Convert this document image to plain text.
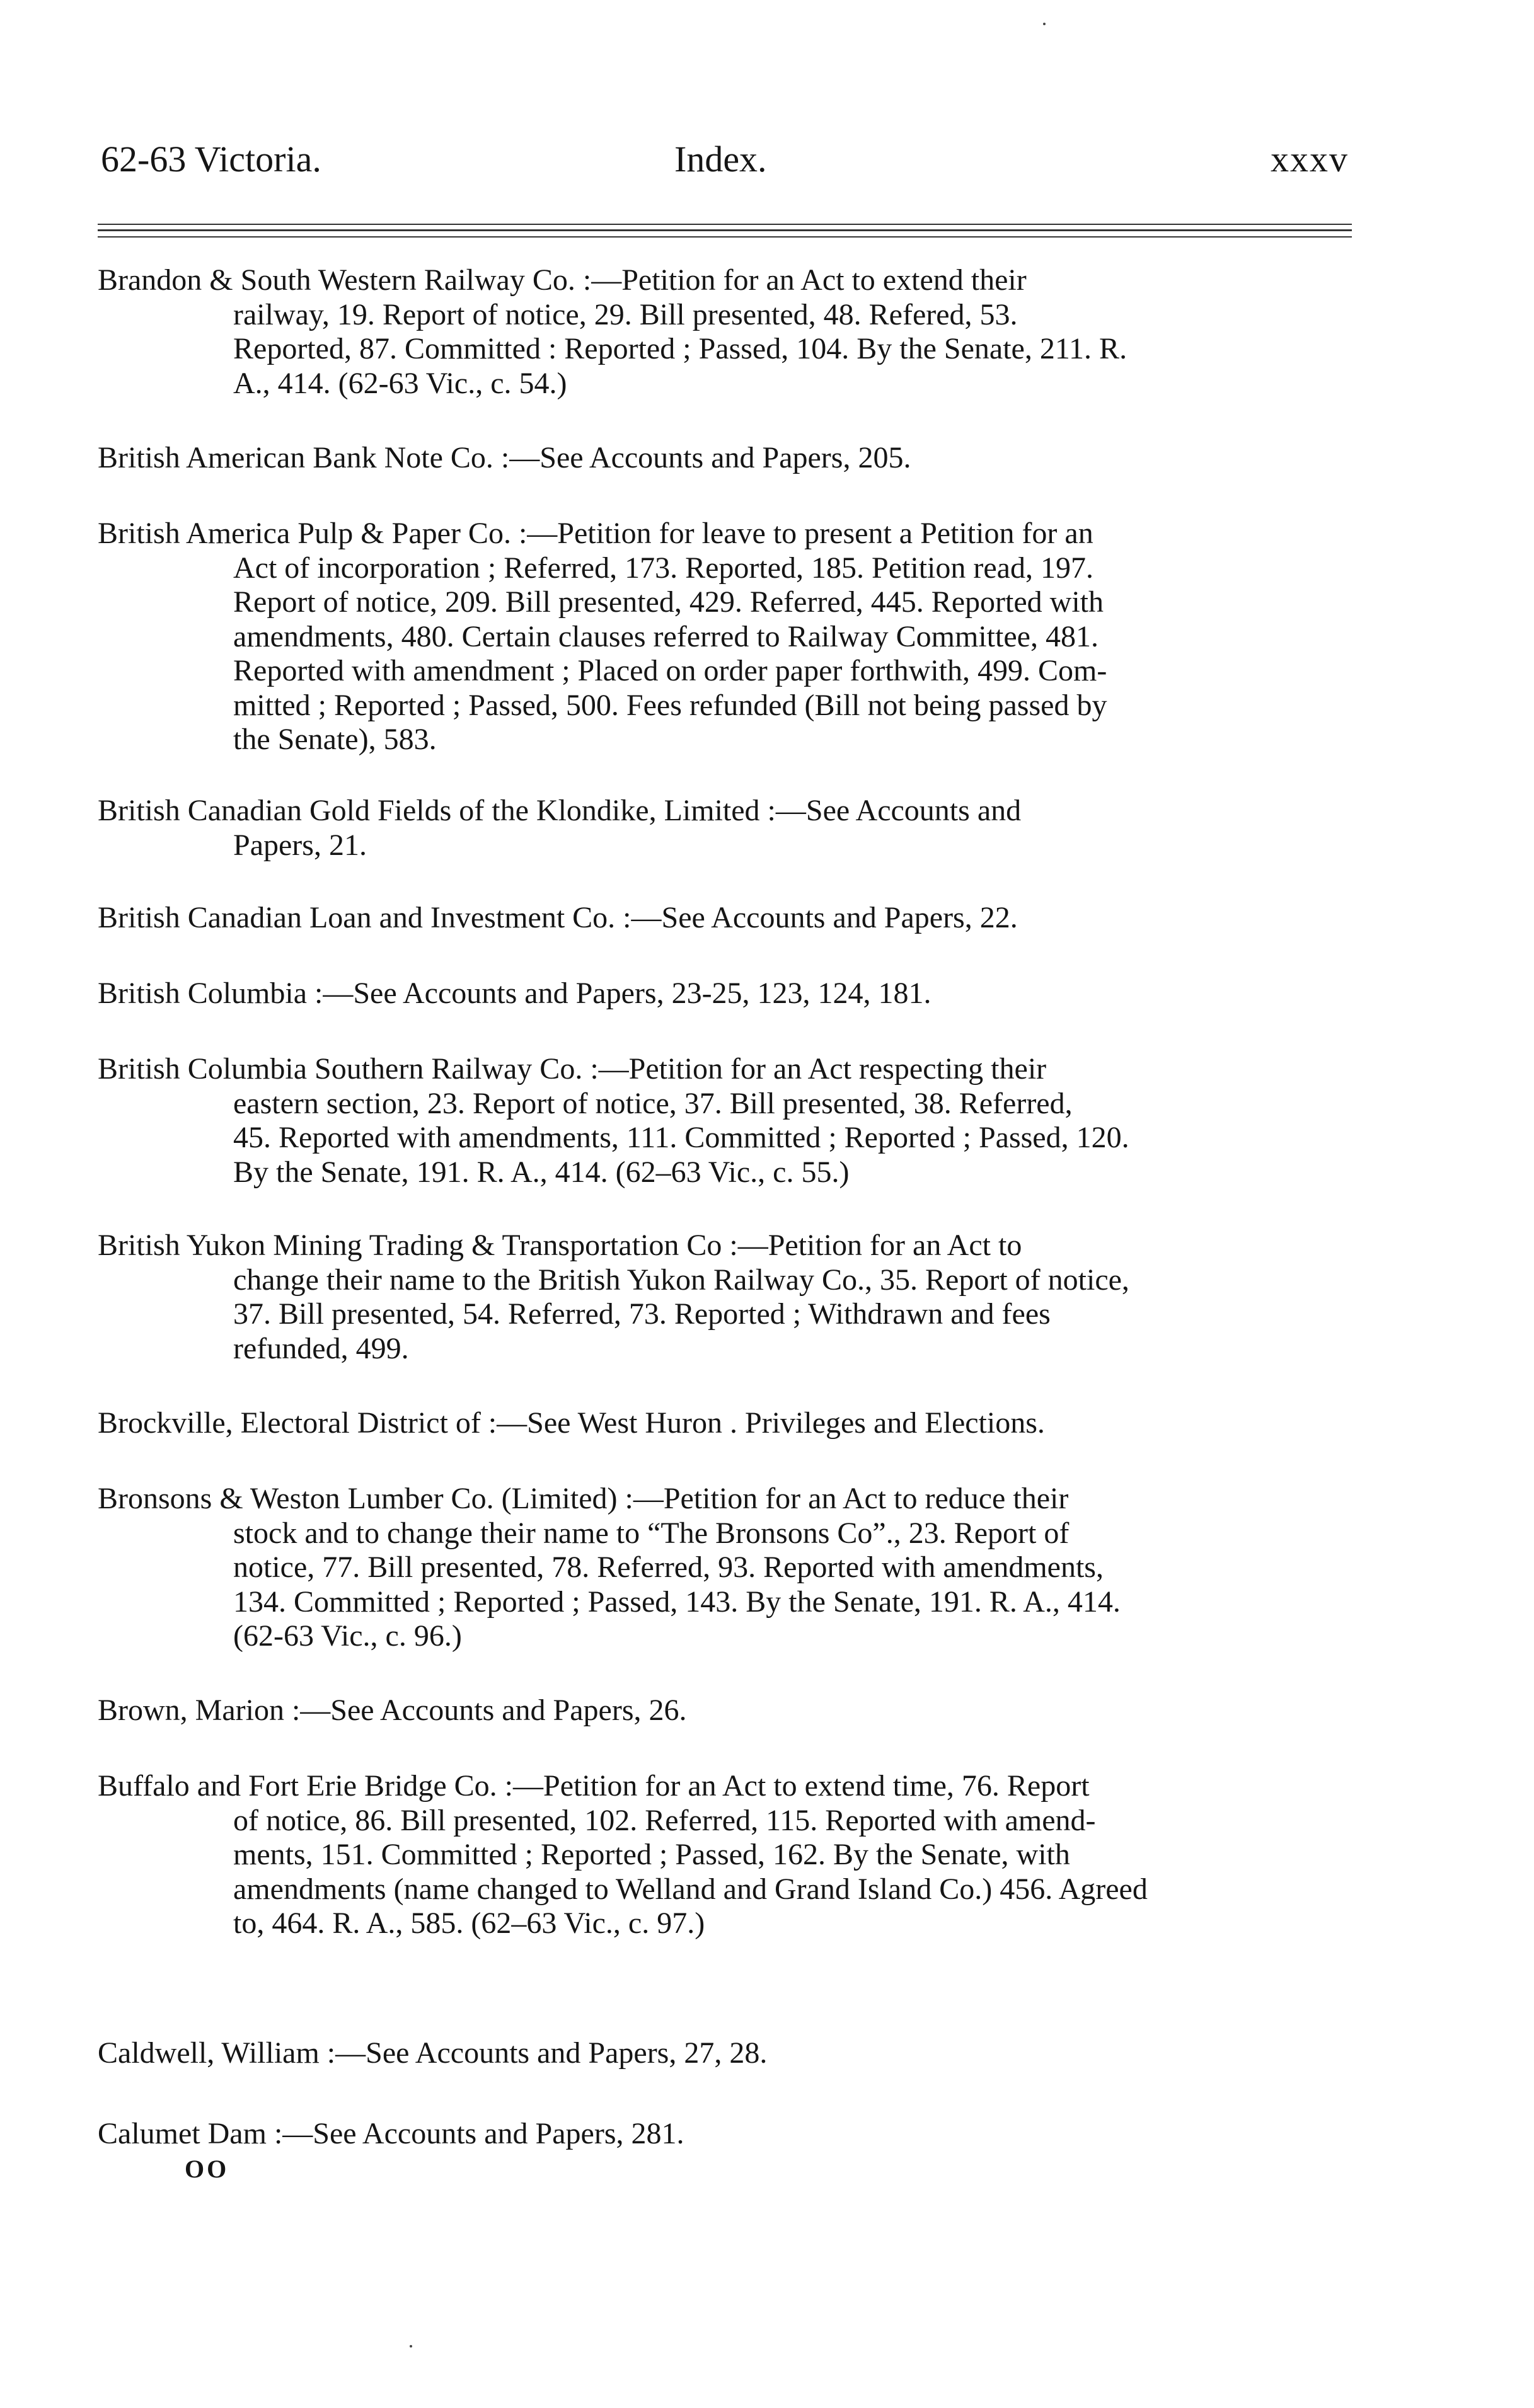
62-63 Victoria.	Index.	xxxv
Brandon & South Western Railway Co. :—Petition for an Act to extend their
railway, 19. Report of notice, 29. Bill presented, 48. Refered, 53.
Reported, 87. Committed : Reported ; Passed, 104. By the Senate, 211. R.
A., 414. (62-63 Vic., c. 54.)
British American Bank Note Co. :—See Accounts and Papers, 205.
British America Pulp & Paper Co. :—Petition for leave to present a Petition for an
Act of incorporation ; Referred, 173. Reported, 185. Petition read, 197.
Report of notice, 209. Bill presented, 429. Referred, 445. Reported with
amendments, 480. Certain clauses referred to Railway Committee, 481.
Reported with amendment ; Placed on order paper forthwith, 499. Com-
mitted ; Reported ; Passed, 500. Fees refunded (Bill not being passed by
the Senate), 583.
British Canadian Gold Fields of the Klondike, Limited :—See Accounts and
Papers, 21.
British Canadian Loan and Investment Co. :—See Accounts and Papers, 22.
British Columbia :—See Accounts and Papers, 23-25, 123, 124, 181.
British Columbia Southern Railway Co. :—Petition for an Act respecting their
eastern section, 23. Report of notice, 37. Bill presented, 38. Referred,
45. Reported with amendments, 111. Committed ; Reported ; Passed, 120.
By the Senate, 191. R. A., 414. (62–63 Vic., c. 55.)
British Yukon Mining Trading & Transportation Co :—Petition for an Act to
change their name to the British Yukon Railway Co., 35. Report of notice,
37. Bill presented, 54. Referred, 73. Reported ; Withdrawn and fees
refunded, 499.
Brockville, Electoral District of :—See West Huron . Privileges and Elections.
Bronsons & Weston Lumber Co. (Limited) :—Petition for an Act to reduce their
stock and to change their name to “The Bronsons Co”., 23. Report of
notice, 77. Bill presented, 78. Referred, 93. Reported with amendments,
134. Committed ; Reported ; Passed, 143. By the Senate, 191. R. A., 414.
(62-63 Vic., c. 96.)
Brown, Marion :—See Accounts and Papers, 26.
Buffalo and Fort Erie Bridge Co. :—Petition for an Act to extend time, 76. Report
of notice, 86. Bill presented, 102. Referred, 115. Reported with amend-
ments, 151. Committed ; Reported ; Passed, 162. By the Senate, with
amendments (name changed to Welland and Grand Island Co.) 456. Agreed
to, 464. R. A., 585. (62–63 Vic., c. 97.)
Caldwell, William :—See Accounts and Papers, 27, 28.
Calumet Dam :—See Accounts and Papers, 281.
OO
